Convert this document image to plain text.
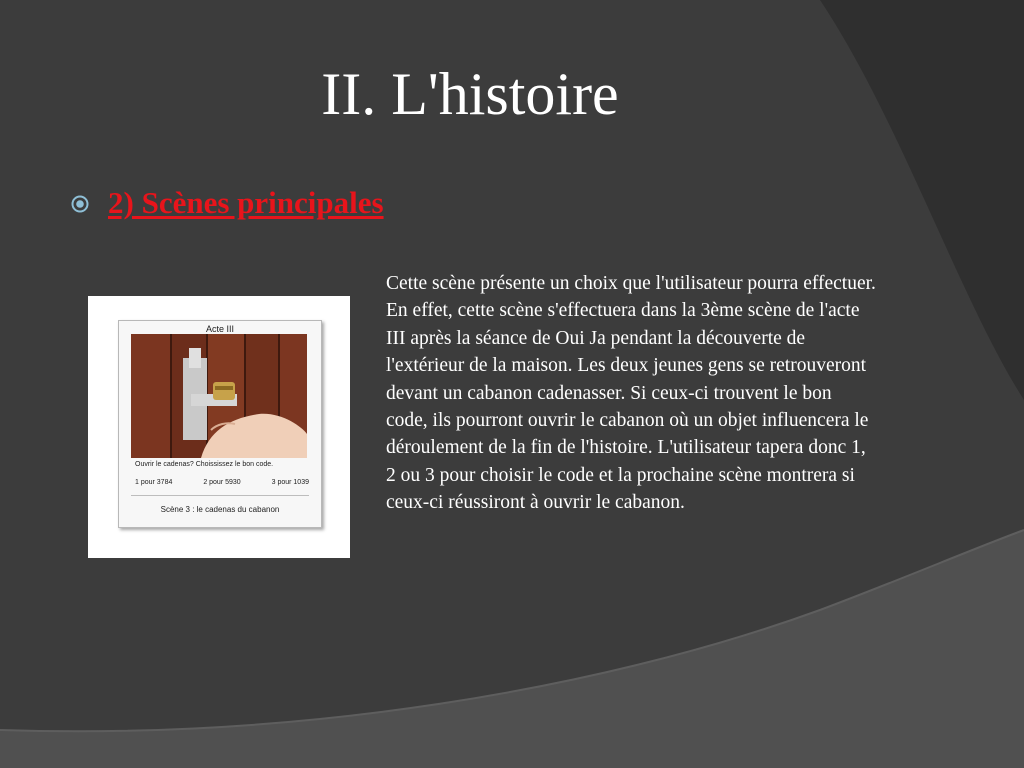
II. L'histoire
2) Scènes principales
Acte III
Ouvrir le cadenas? Choississez le bon code.
1 pour 3784	2 pour 5930	3 pour 1039
Scène 3 : le cadenas du cabanon

Cette scène présente un choix que l'utilisateur pourra effectuer. En effet, cette scène s'effectuera dans la 3ème scène de l'acte III après la séance de Oui Ja pendant la découverte de l'extérieur de la maison. Les deux jeunes gens se retrouveront devant un cabanon cadenasser. Si ceux-ci trouvent le bon code, ils pourront ouvrir le cabanon où un objet influencera le déroulement de la fin de l'histoire. L'utilisateur tapera donc 1, 2 ou 3 pour choisir le code et la prochaine scène montrera si ceux-ci réussiront à ouvrir le cabanon.
